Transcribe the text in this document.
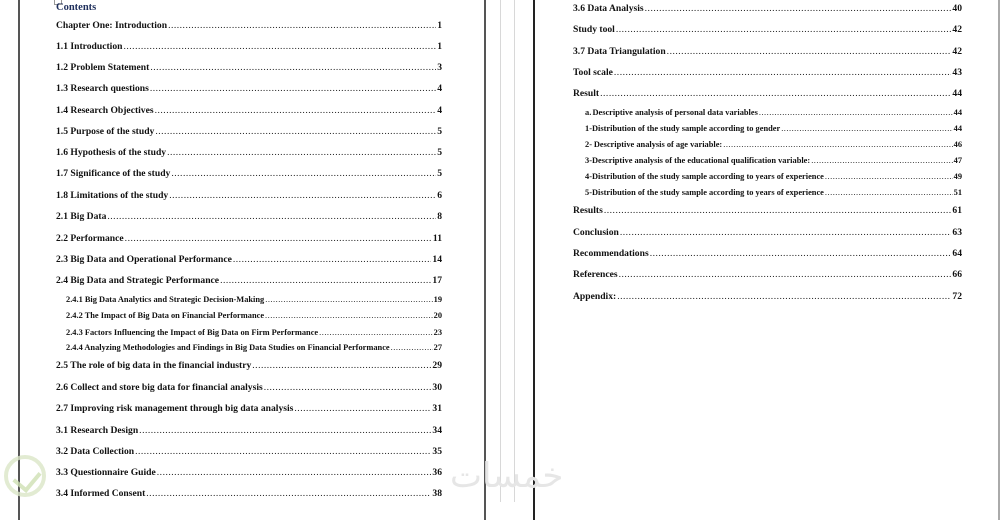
Contents
Chapter One: Introduction .....	1
1.1 Introduction .....	1
1.2 Problem Statement .....	3
1.3 Research questions .....	4
1.4 Research Objectives .....	4
1.5 Purpose of the study .....	5
1.6 Hypothesis of the study .....	5
1.7 Significance of the study .....	5
1.8 Limitations of the study .....	6
2.1 Big Data .....	8
2.2 Performance .....	11
2.3 Big Data and Operational Performance .....	14
2.4 Big Data and Strategic Performance .....	17
2.4.1 Big Data Analytics and Strategic Decision-Making .....	19
2.4.2 The Impact of Big Data on Financial Performance .....	20
2.4.3 Factors Influencing the Impact of Big Data on Firm Performance .....	23
2.4.4 Analyzing Methodologies and Findings in Big Data Studies on Financial Performance .....	27
2.5 The role of big data in the financial industry .....	29
2.6 Collect and store big data for financial analysis .....	30
2.7 Improving risk management through big data analysis .....	31
3.1 Research Design .....	34
3.2 Data Collection .....	35
3.3 Questionnaire Guide .....	36
3.4 Informed Consent .....	38
3.6 Data Analysis .....	40
Study tool .....	42
3.7 Data Triangulation .....	42
Tool scale .....	43
Result .....	44
a. Descriptive analysis of personal data variables .....	44
1- Distribution of the study sample according to gender .....	44
2- Descriptive analysis of age variable: .....	46
3- Descriptive analysis of the educational qualification variable: .....	47
4- Distribution of the study sample according to years of experience .....	49
5- Distribution of the study sample according to years of experience .....	51
Results .....	61
Conclusion .....	63
Recommendations .....	64
References .....	66
Appendix: .....	72
خمسات
